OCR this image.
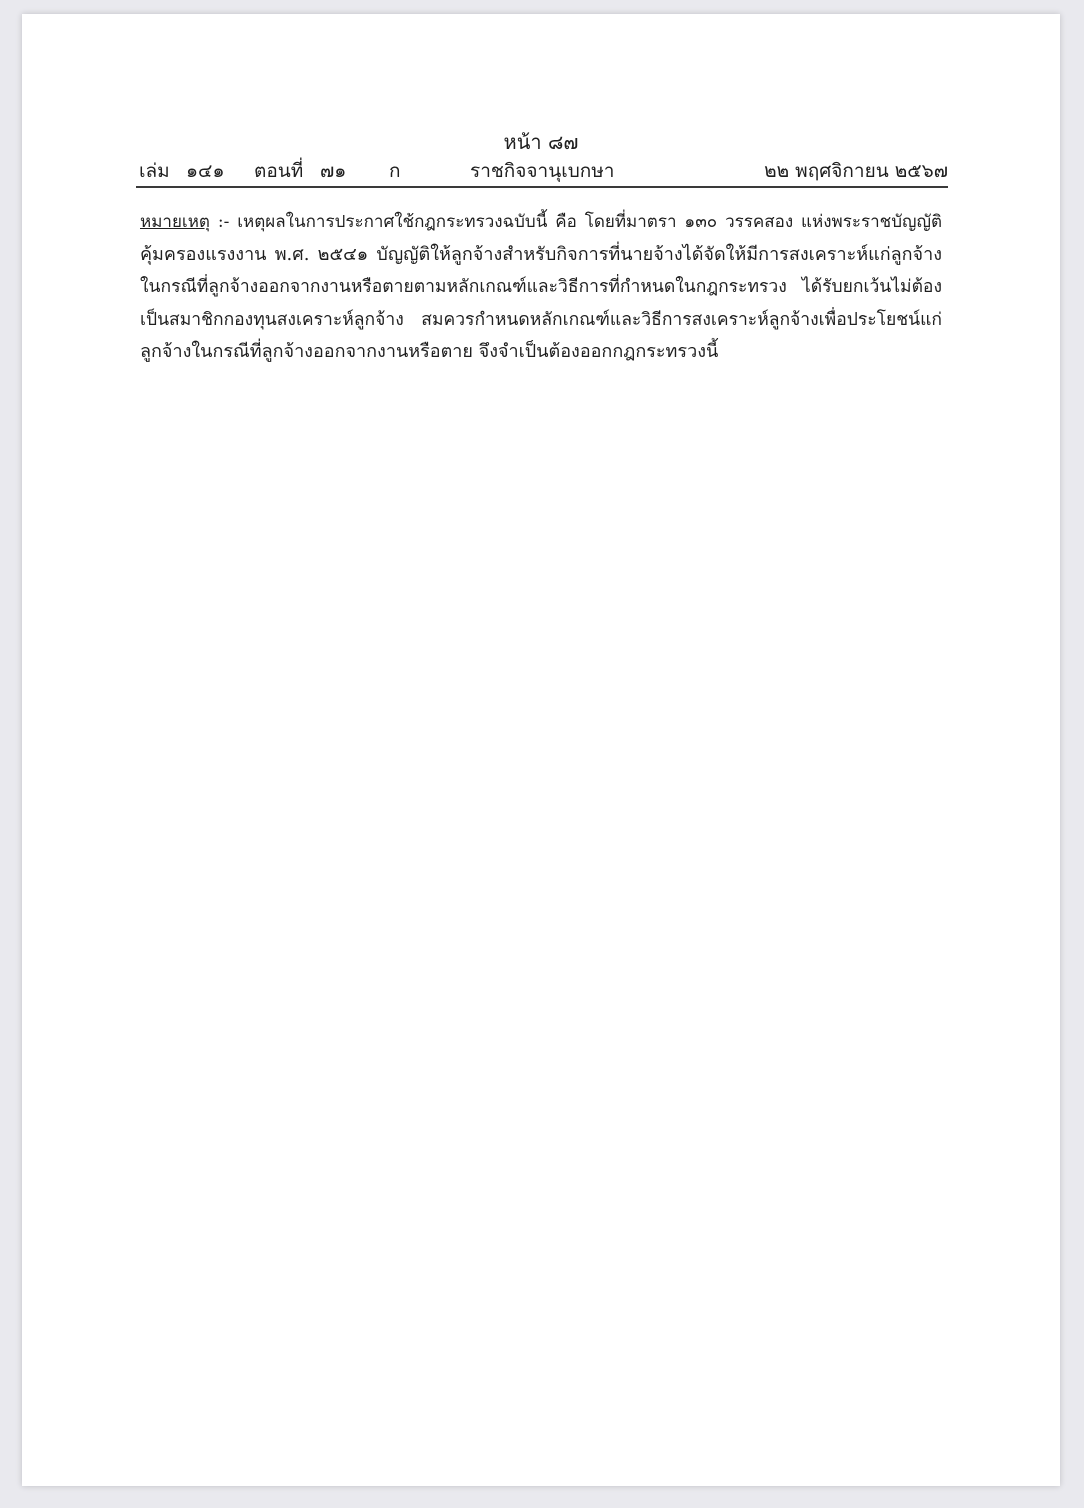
หน้า ๘๗
เล่ม ๑๔๑ ตอนที่ ๗๑ ก	ราชกิจจานุเบกษา	๒๒ พฤศจิกายน ๒๕๖๗
หมายเหตุ :- เหตุผลในการประกาศใช้กฎกระทรวงฉบับนี้ คือ โดยที่มาตรา ๑๓๐ วรรคสอง แห่งพระราชบัญญัติ
คุ้มครองแรงงาน พ.ศ. ๒๕๔๑ บัญญัติให้ลูกจ้างสำหรับกิจการที่นายจ้างได้จัดให้มีการสงเคราะห์แก่ลูกจ้าง
ในกรณีที่ลูกจ้างออกจากงานหรือตายตามหลักเกณฑ์และวิธีการที่กำหนดในกฎกระทรวง ได้รับยกเว้นไม่ต้อง
เป็นสมาชิกกองทุนสงเคราะห์ลูกจ้าง สมควรกำหนดหลักเกณฑ์และวิธีการสงเคราะห์ลูกจ้างเพื่อประโยชน์แก่
ลูกจ้างในกรณีที่ลูกจ้างออกจากงานหรือตาย จึงจำเป็นต้องออกกฎกระทรวงนี้
